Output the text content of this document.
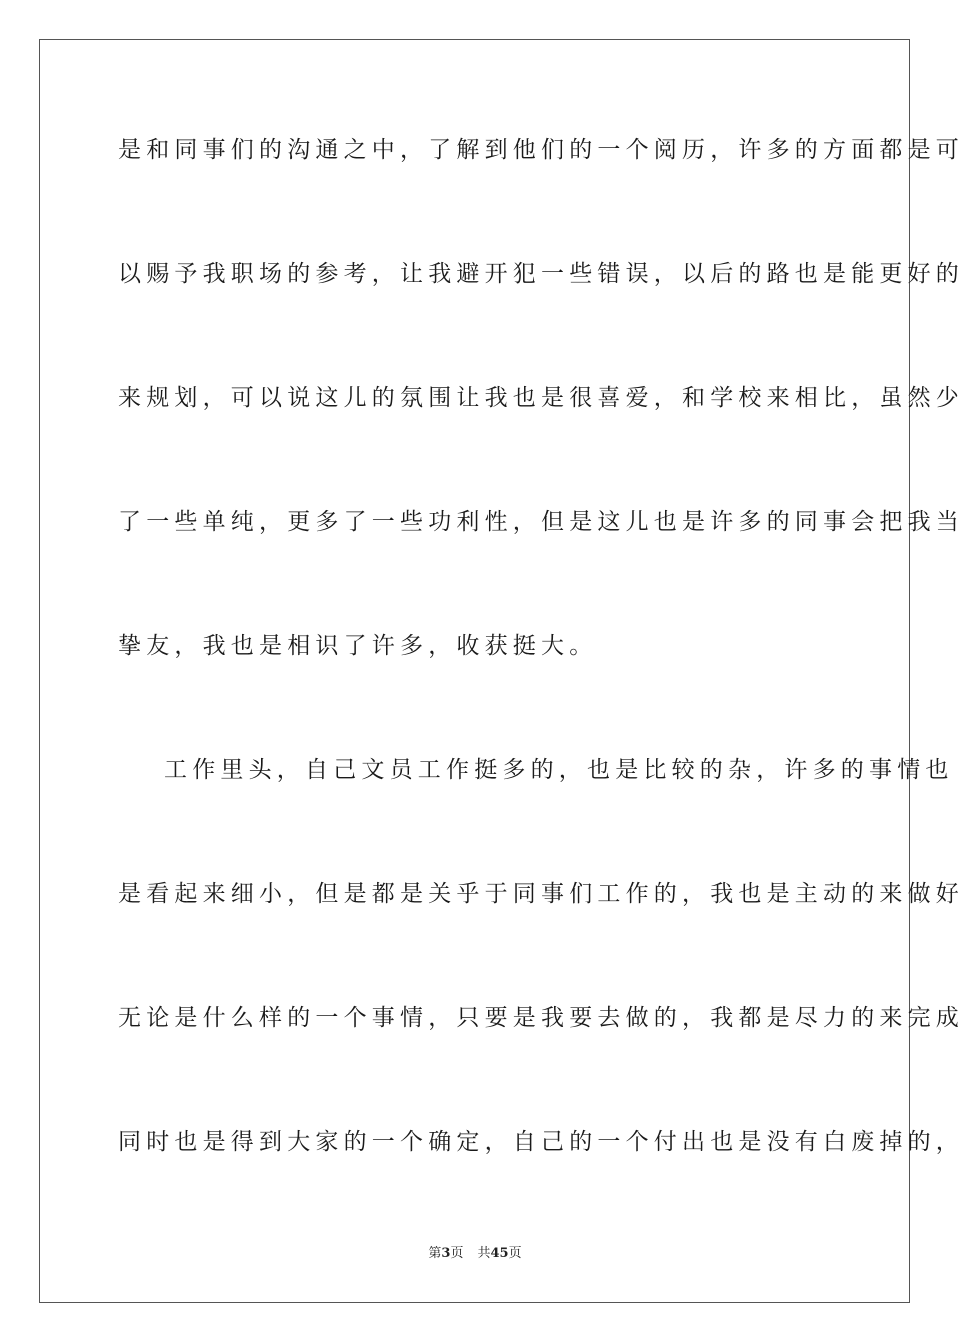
是和同事们的沟通之中，了解到他们的一个阅历，许多的方面都是可
以赐予我职场的参考，让我避开犯一些错误，以后的路也是能更好的
来规划，可以说这儿的氛围让我也是很喜爱，和学校来相比，虽然少
了一些单纯，更多了一些功利性，但是这儿也是许多的同事会把我当
挚友，我也是相识了许多，收获挺大。
工作里头，自己文员工作挺多的，也是比较的杂，许多的事情也
是看起来细小，但是都是关乎于同事们工作的，我也是主动的来做好
无论是什么样的一个事情，只要是我要去做的，我都是尽力的来完成
同时也是得到大家的一个确定，自己的一个付出也是没有白废掉的，
第3页 共45页
